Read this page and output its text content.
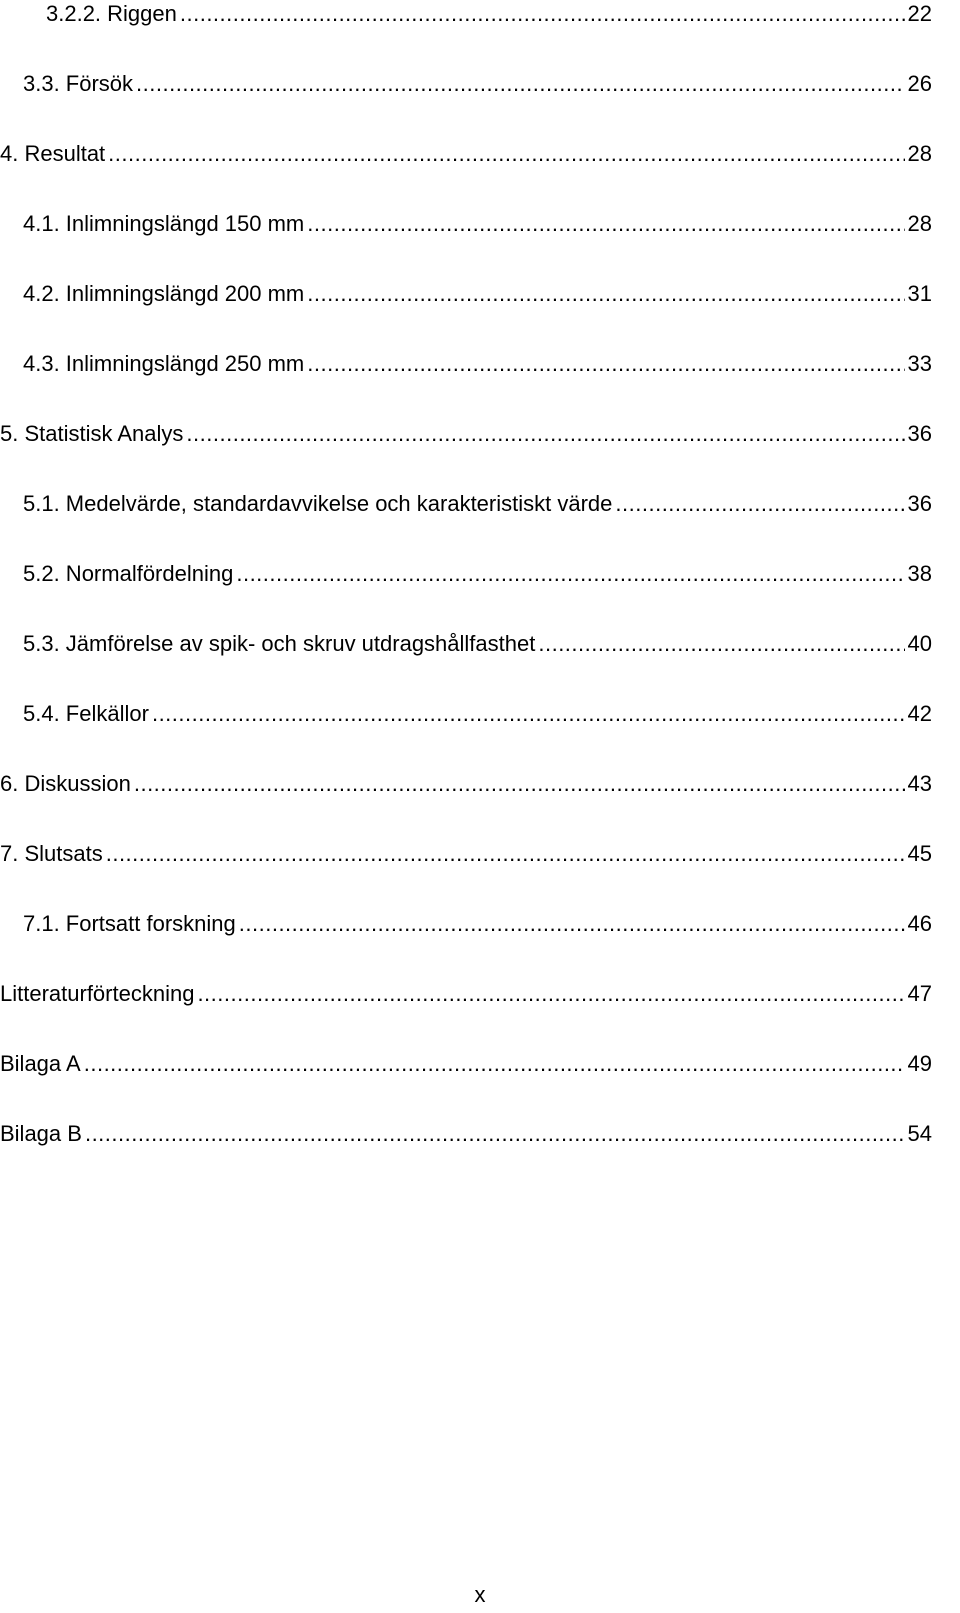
3.2.2. Riggen .....	22
3.3. Försök .....	26
4. Resultat .....	28
4.1. Inlimningslängd 150 mm .....	28
4.2. Inlimningslängd 200 mm .....	31
4.3. Inlimningslängd 250 mm .....	33
5. Statistisk Analys .....	36
5.1. Medelvärde, standardavvikelse och karakteristiskt värde .....	36
5.2. Normalfördelning .....	38
5.3. Jämförelse av spik- och skruv utdragshållfasthet .....	40
5.4. Felkällor .....	42
6. Diskussion .....	43
7. Slutsats .....	45
7.1. Fortsatt forskning .....	46
Litteraturförteckning .....	47
Bilaga A .....	49
Bilaga B .....	54
x
